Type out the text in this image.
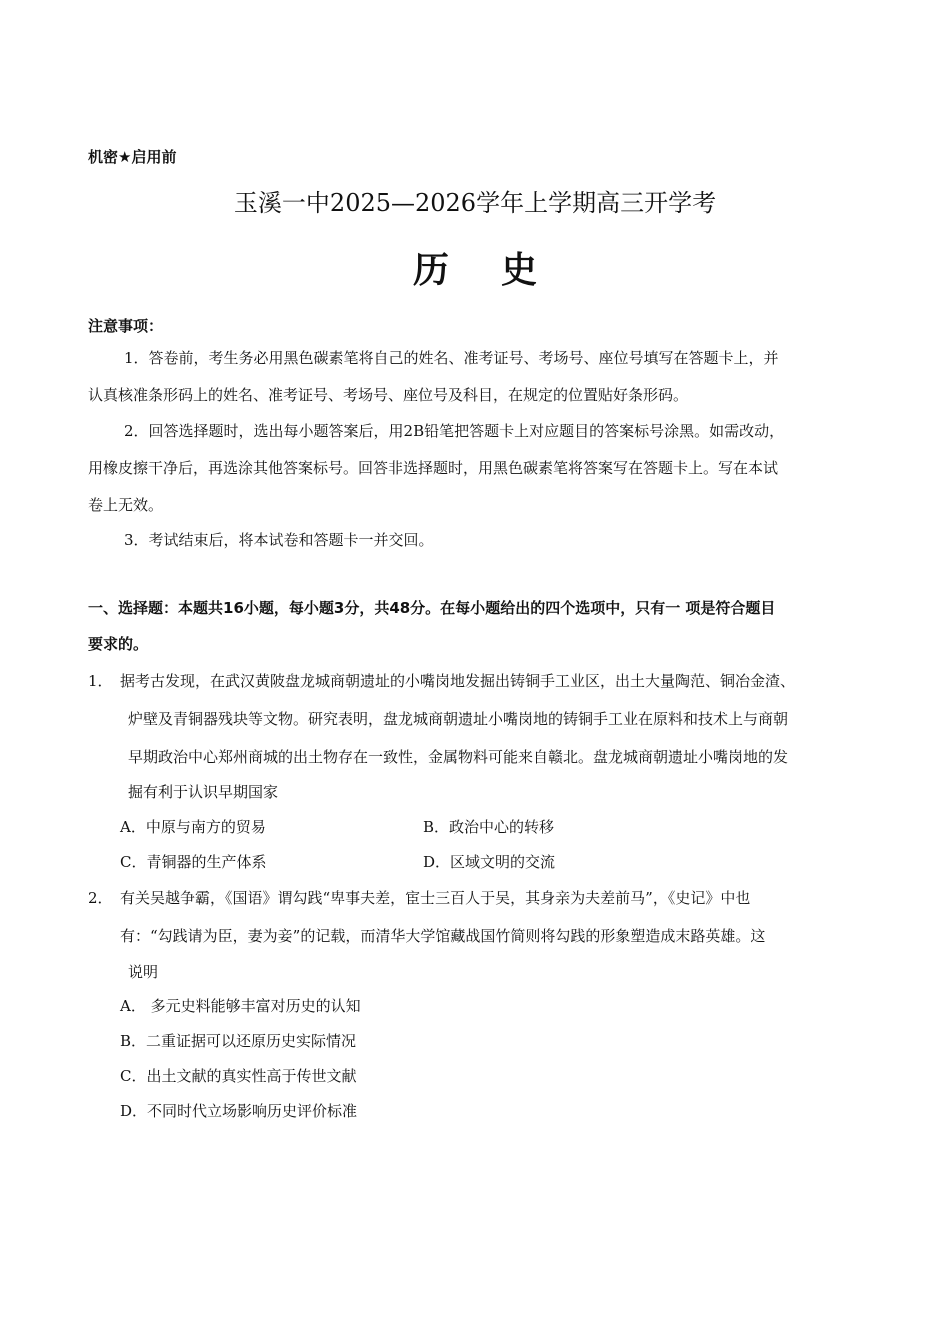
机密★启用前
玉溪一中2025—2026学年上学期高三开学考
历史
注意事项：
1．答卷前，考生务必用黑色碳素笔将自己的姓名、准考证号、考场号、座位号填写在答题卡上，并
认真核准条形码上的姓名、准考证号、考场号、座位号及科目，在规定的位置贴好条形码。
2．回答选择题时，选出每小题答案后，用2B铅笔把答题卡上对应题目的答案标号涂黑。如需改动，
用橡皮擦干净后，再选涂其他答案标号。回答非选择题时，用黑色碳素笔将答案写在答题卡上。写在本试
卷上无效。
3．考试结束后，将本试卷和答题卡一并交回。
一、选择题：本题共16小题，每小题3分，共48分。在每小题给出的四个选项中，只有一 项是符合题目
要求的。
1． 据考古发现，在武汉黄陂盘龙城商朝遗址的小嘴岗地发掘出铸铜手工业区，出土大量陶范、铜冶金渣、
炉壁及青铜器残块等文物。研究表明，盘龙城商朝遗址小嘴岗地的铸铜手工业在原料和技术上与商朝
早期政治中心郑州商城的出土物存在一致性，金属物料可能来自赣北。盘龙城商朝遗址小嘴岗地的发
掘有利于认识早期国家
A．中原与南方的贸易	B．政治中心的转移
C．青铜器的生产体系	D．区域文明的交流
2． 有关吴越争霸，《国语》谓勾践“卑事夫差，宦士三百人于吴，其身亲为夫差前马”，《史记》中也
有：“勾践请为臣，妻为妾”的记载，而清华大学馆藏战国竹简则将勾践的形象塑造成末路英雄。这
说明
A． 多元史料能够丰富对历史的认知
B．二重证据可以还原历史实际情况
C．出土文献的真实性高于传世文献
D．不同时代立场影响历史评价标准
